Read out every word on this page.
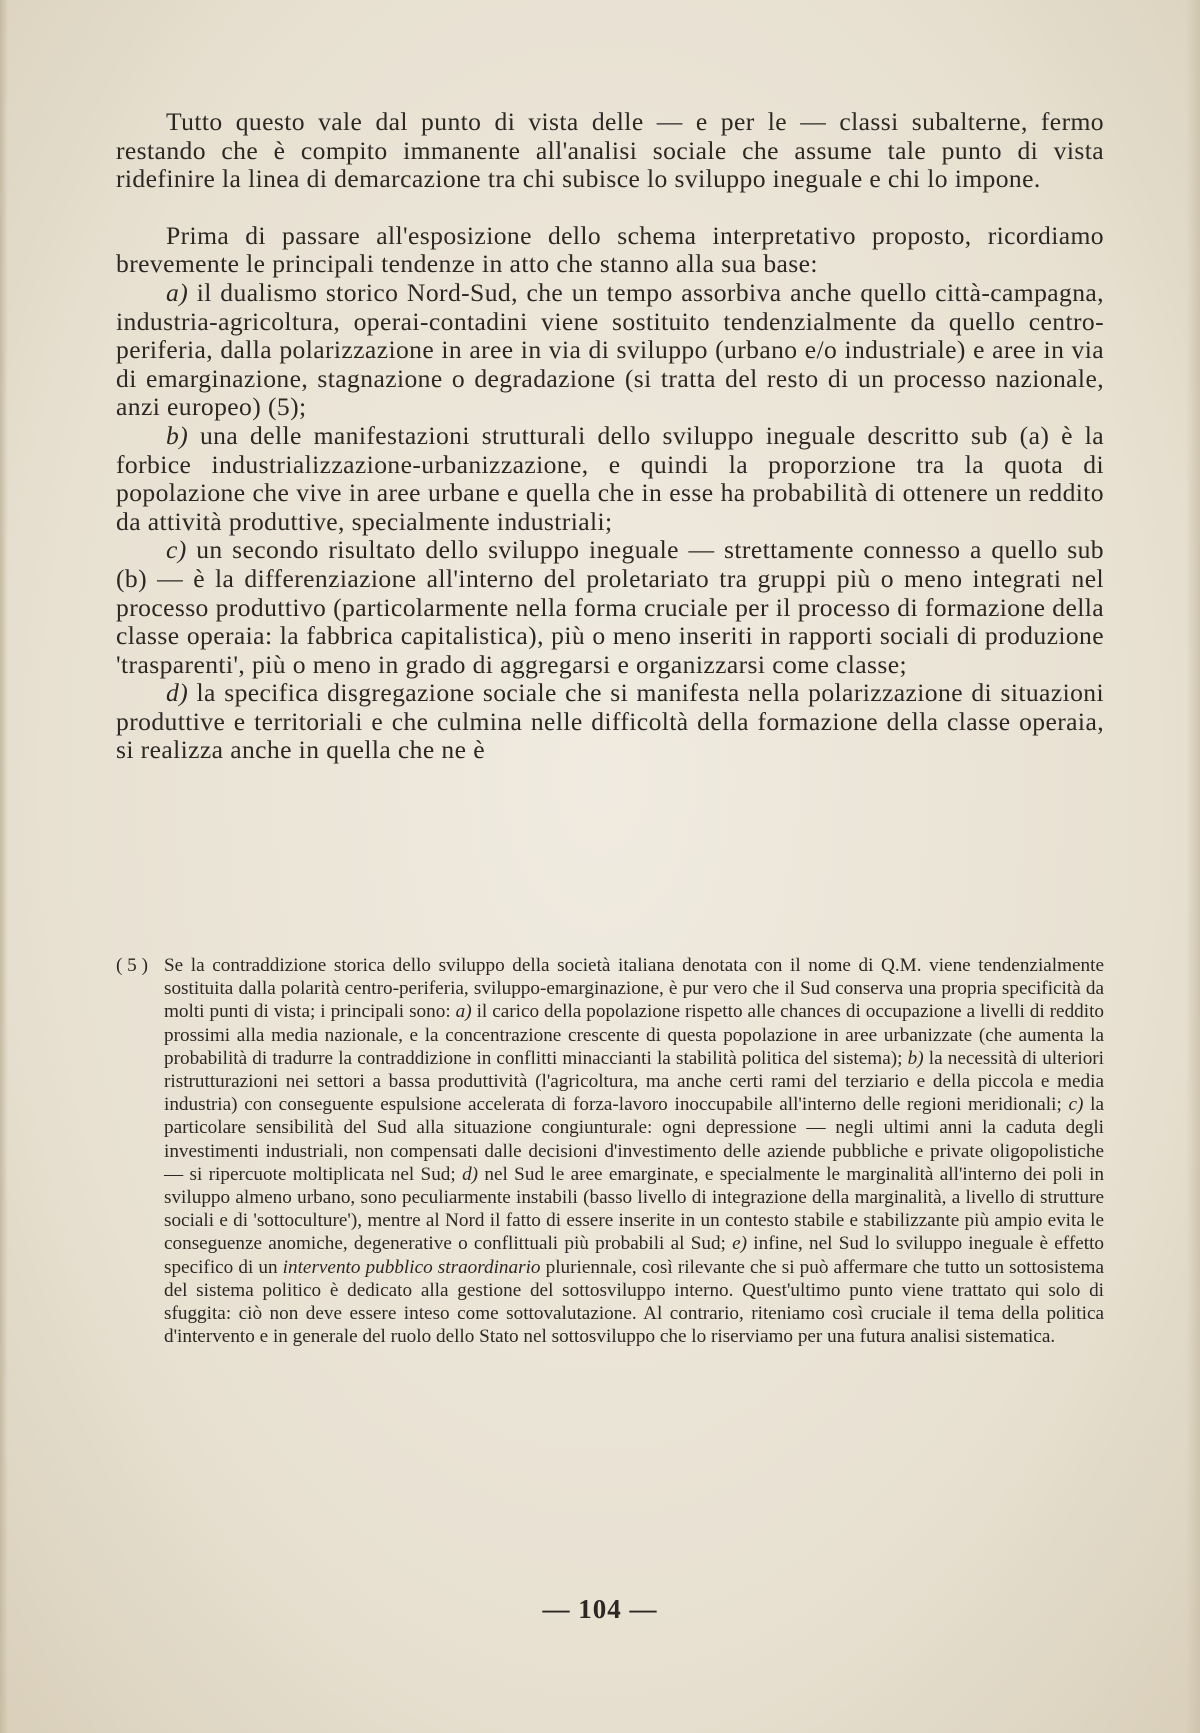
Tutto questo vale dal punto di vista delle — e per le — classi subalterne, fermo restando che è compito immanente all'analisi sociale che assume tale punto di vista ridefinire la linea di demarcazione tra chi subisce lo sviluppo ineguale e chi lo impone.

Prima di passare all'esposizione dello schema interpretativo proposto, ricordiamo brevemente le principali tendenze in atto che stanno alla sua base:

a) il dualismo storico Nord-Sud, che un tempo assorbiva anche quello città-campagna, industria-agricoltura, operai-contadini viene sostituito tendenzialmente da quello centro-periferia, dalla polarizzazione in aree in via di sviluppo (urbano e/o industriale) e aree in via di emarginazione, stagnazione o degradazione (si tratta del resto di un processo nazionale, anzi europeo) (5);

b) una delle manifestazioni strutturali dello sviluppo ineguale descritto sub (a) è la forbice industrializzazione-urbanizzazione, e quindi la proporzione tra la quota di popolazione che vive in aree urbane e quella che in esse ha probabilità di ottenere un reddito da attività produttive, specialmente industriali;

c) un secondo risultato dello sviluppo ineguale — strettamente connesso a quello sub (b) — è la differenziazione all'interno del proletariato tra gruppi più o meno integrati nel processo produttivo (particolarmente nella forma cruciale per il processo di formazione della classe operaia: la fabbrica capitalistica), più o meno inseriti in rapporti sociali di produzione 'trasparenti', più o meno in grado di aggregarsi e organizzarsi come classe;

d) la specifica disgregazione sociale che si manifesta nella polarizzazione di situazioni produttive e territoriali e che culmina nelle difficoltà della formazione della classe operaia, si realizza anche in quella che ne è

( 5 ) Se la contraddizione storica dello sviluppo della società italiana denotata con il nome di Q.M. viene tendenzialmente sostituita dalla polarità centro-periferia, sviluppo-emarginazione, è pur vero che il Sud conserva una propria specificità da molti punti di vista; i principali sono: a) il carico della popolazione rispetto alle chances di occupazione a livelli di reddito prossimi alla media nazionale, e la concentrazione crescente di questa popolazione in aree urbanizzate (che aumenta la probabilità di tradurre la contraddizione in conflitti minaccianti la stabilità politica del sistema); b) la necessità di ulteriori ristrutturazioni nei settori a bassa produttività (l'agricoltura, ma anche certi rami del terziario e della piccola e media industria) con conseguente espulsione accelerata di forza-lavoro inoccupabile all'interno delle regioni meridionali; c) la particolare sensibilità del Sud alla situazione congiunturale: ogni depressione — negli ultimi anni la caduta degli investimenti industriali, non compensati dalle decisioni d'investimento delle aziende pubbliche e private oligopolistiche — si ripercuote moltiplicata nel Sud; d) nel Sud le aree emarginate, e specialmente le marginalità all'interno dei poli in sviluppo almeno urbano, sono peculiarmente instabili (basso livello di integrazione della marginalità, a livello di strutture sociali e di 'sottoculture'), mentre al Nord il fatto di essere inserite in un contesto stabile e stabilizzante più ampio evita le conseguenze anomiche, degenerative o conflittuali più probabili al Sud; e) infine, nel Sud lo sviluppo ineguale è effetto specifico di un intervento pubblico straordinario pluriennale, così rilevante che si può affermare che tutto un sottosistema del sistema politico è dedicato alla gestione del sottosviluppo interno. Quest'ultimo punto viene trattato qui solo di sfuggita: ciò non deve essere inteso come sottovalutazione. Al contrario, riteniamo così cruciale il tema della politica d'intervento e in generale del ruolo dello Stato nel sottosviluppo che lo riserviamo per una futura analisi sistematica.
— 104 —
